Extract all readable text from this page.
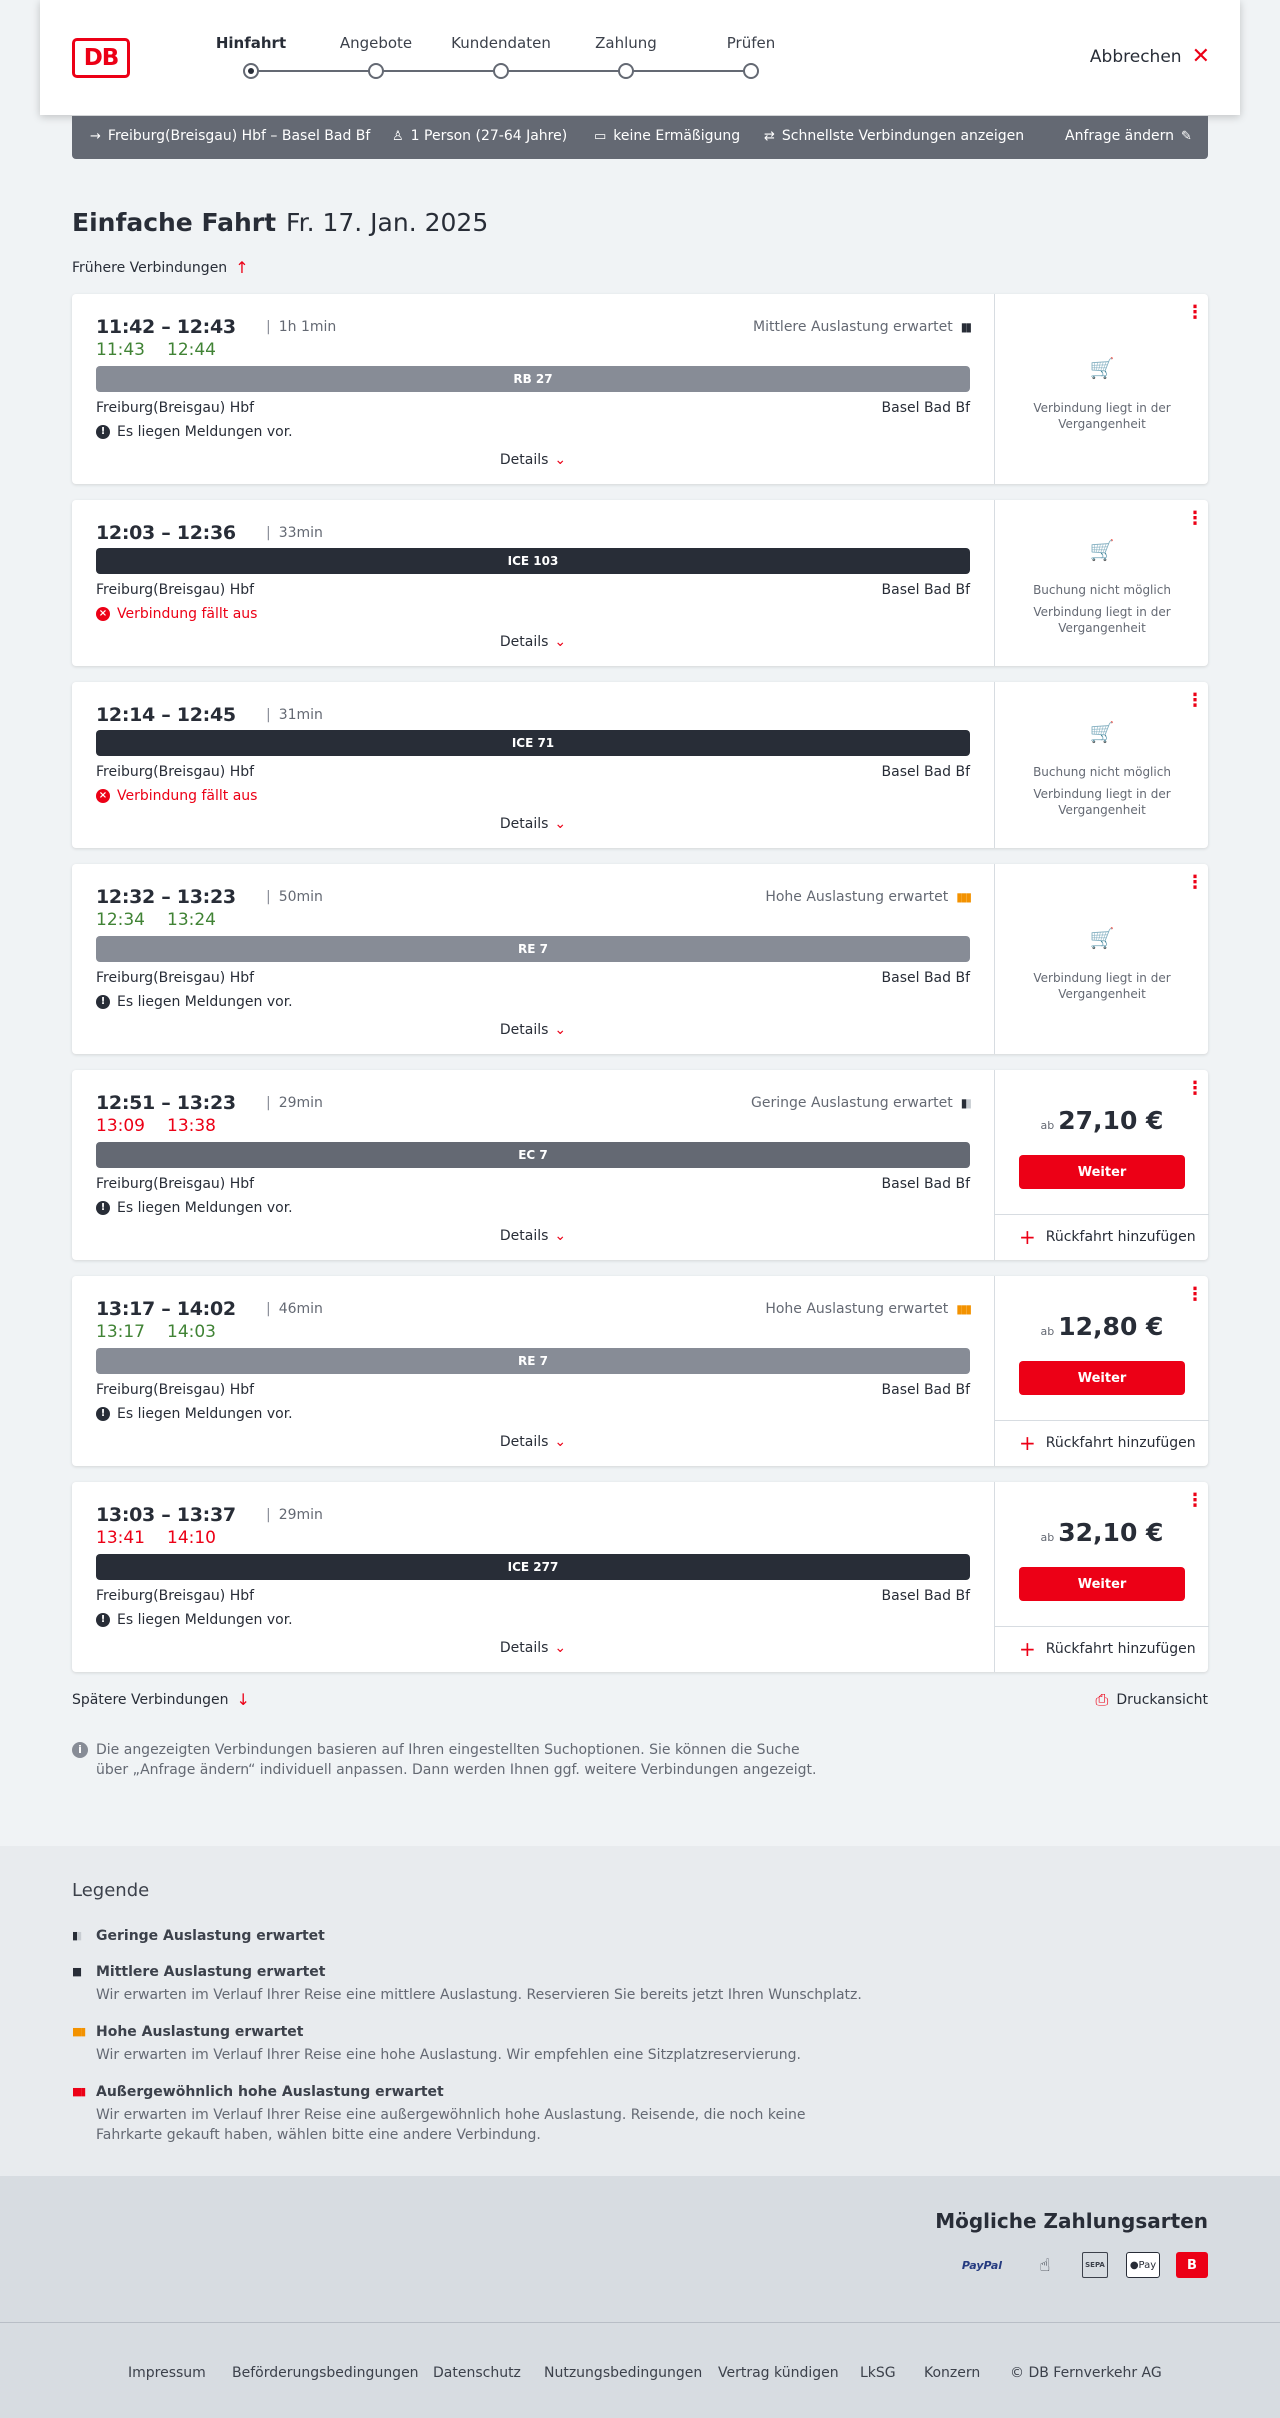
DB
Hinfahrt	Angebote	Kundendaten	Zahlung	Prüfen
Abbrechen ✕
→ Freiburg(Breisgau) Hbf – Basel Bad Bf ♙ 1 Person (27-64 Jahre) ▭ keine Ermäßigung ⇄ Schnellste Verbindungen anzeigen	Anfrage ändern ✎
Einfache Fahrt Fr. 17. Jan. 2025
Frühere Verbindungen ↑
11:42 – 12:43 | 1h 1min	Mittlere Auslastung erwartet ▮▮
11:43 12:44
RB 27
Freiburg(Breisgau) Hbf	Basel Bad Bf
! Es liegen Meldungen vor.
Details ⌄
⋮
🛒
Verbindung liegt in der Vergangenheit
12:03 – 12:36 | 33min
ICE 103
Freiburg(Breisgau) Hbf	Basel Bad Bf
× Verbindung fällt aus
Details ⌄
⋮
🛒
Buchung nicht möglich
Verbindung liegt in der Vergangenheit
12:14 – 12:45 | 31min
ICE 71
Freiburg(Breisgau) Hbf	Basel Bad Bf
× Verbindung fällt aus
Details ⌄
⋮
🛒
Buchung nicht möglich
Verbindung liegt in der Vergangenheit
12:32 – 13:23 | 50min	Hohe Auslastung erwartet ▮▮▮
12:34 13:24
RE 7
Freiburg(Breisgau) Hbf	Basel Bad Bf
! Es liegen Meldungen vor.
Details ⌄
⋮
🛒
Verbindung liegt in der Vergangenheit
12:51 – 13:23 | 29min	Geringe Auslastung erwartet ▮▮
13:09 13:38
EC 7
Freiburg(Breisgau) Hbf	Basel Bad Bf
! Es liegen Meldungen vor.
Details ⌄
⋮
ab 27,10 €
Weiter
+ Rückfahrt hinzufügen
13:17 – 14:02 | 46min	Hohe Auslastung erwartet ▮▮▮
13:17 14:03
RE 7
Freiburg(Breisgau) Hbf	Basel Bad Bf
! Es liegen Meldungen vor.
Details ⌄
⋮
ab 12,80 €
Weiter
+ Rückfahrt hinzufügen
13:03 – 13:37 | 29min
13:41 14:10
ICE 277
Freiburg(Breisgau) Hbf	Basel Bad Bf
! Es liegen Meldungen vor.
Details ⌄
⋮
ab 32,10 €
Weiter
+ Rückfahrt hinzufügen
Spätere Verbindungen ↓	⎙ Druckansicht
i	Die angezeigten Verbindungen basieren auf Ihren eingestellten Suchoptionen. Sie können die Suche über „Anfrage ändern“ individuell anpassen. Dann werden Ihnen ggf. weitere Verbindungen angezeigt.
Legende
▮▮ Geringe Auslastung erwartet
▮▮ Mittlere Auslastung erwartet
Wir erwarten im Verlauf Ihrer Reise eine mittlere Auslastung. Reservieren Sie bereits jetzt Ihren Wunschplatz.
▮▮▮ Hohe Auslastung erwartet
Wir erwarten im Verlauf Ihrer Reise eine hohe Auslastung. Wir empfehlen eine Sitzplatzreservierung.
▮▮▮ Außergewöhnlich hohe Auslastung erwartet
Wir erwarten im Verlauf Ihrer Reise eine außergewöhnlich hohe Auslastung. Reisende, die noch keine Fahrkarte gekauft haben, wählen bitte eine andere Verbindung.
Mögliche Zahlungsarten
PayPal	☝	SEPA	● Pay	B
Impressum Beförderungsbedingungen Datenschutz Nutzungsbedingungen Vertrag kündigen LkSG Konzern © DB Fernverkehr AG
